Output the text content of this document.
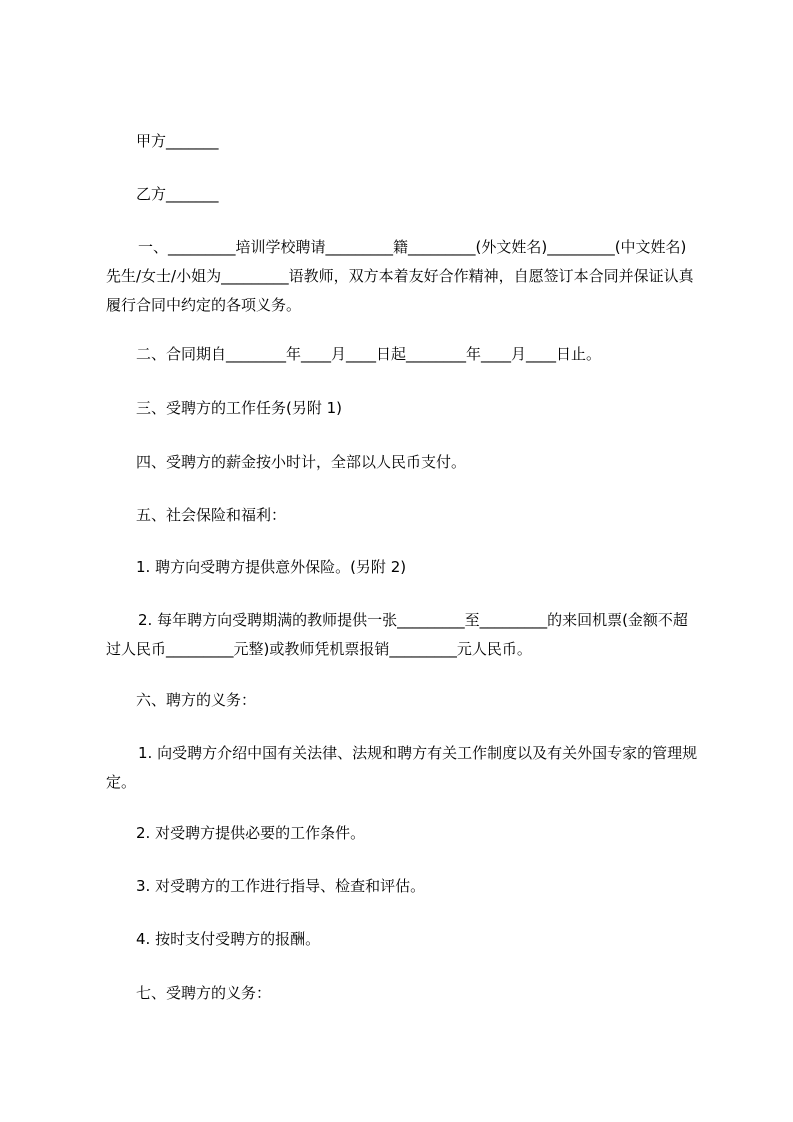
甲方_______
乙方_______
一、_________培训学校聘请_________籍_________(外文姓名)_________(中文姓名)先生/女士/小姐为_________语教师，双方本着友好合作精神，自愿签订本合同并保证认真履行合同中约定的各项义务。
二、合同期自________年____月____日起________年____月____日止。
三、受聘方的工作任务(另附 1)
四、受聘方的薪金按小时计，全部以人民币支付。
五、社会保险和福利：
1. 聘方向受聘方提供意外保险。(另附 2)
2. 每年聘方向受聘期满的教师提供一张_________至_________的来回机票(金额不超过人民币_________元整)或教师凭机票报销_________元人民币。
六、聘方的义务：
1. 向受聘方介绍中国有关法律、法规和聘方有关工作制度以及有关外国专家的管理规定。
2. 对受聘方提供必要的工作条件。
3. 对受聘方的工作进行指导、检查和评估。
4. 按时支付受聘方的报酬。
七、受聘方的义务：
